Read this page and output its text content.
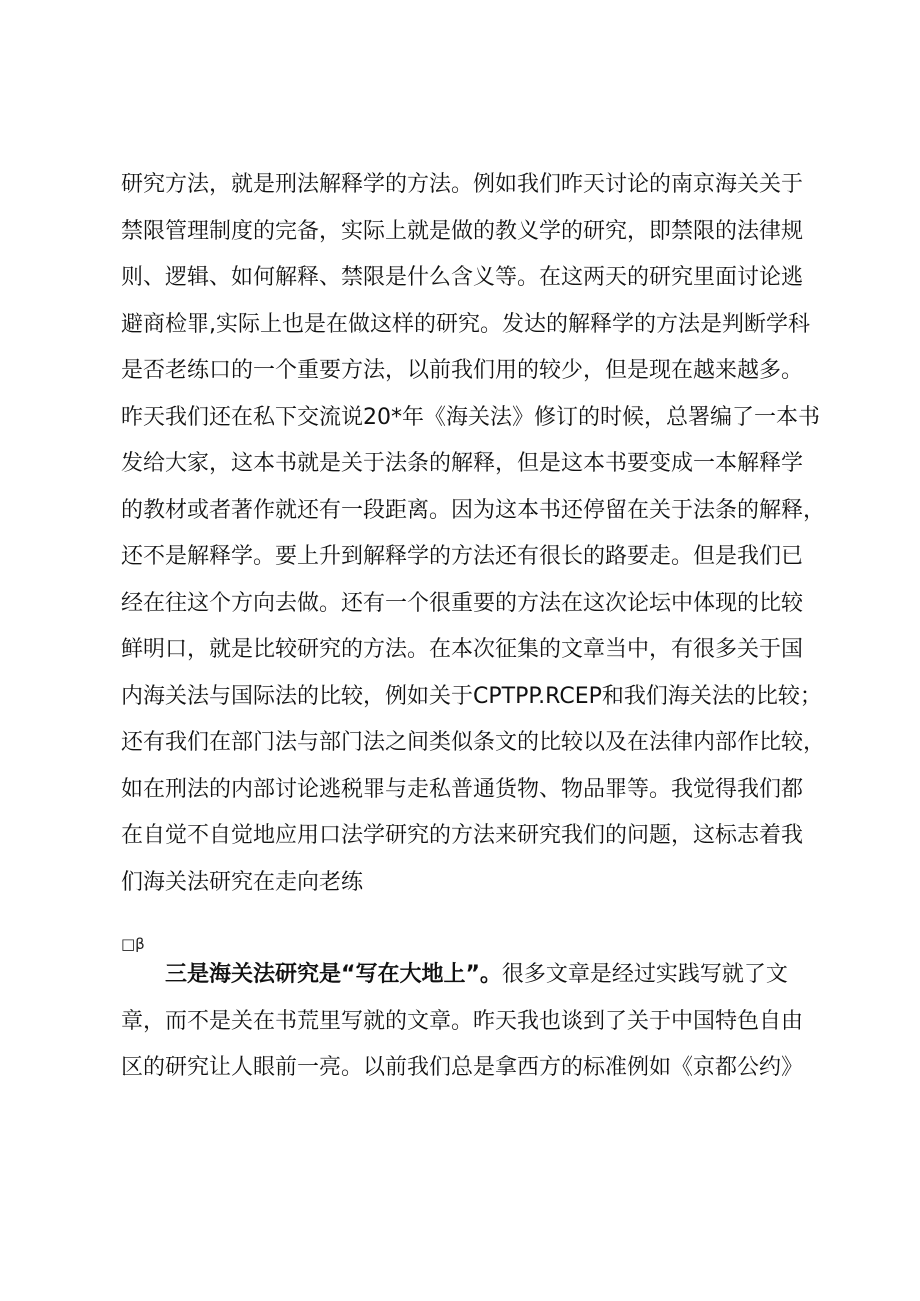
研究方法，就是刑法解释学的方法。例如我们昨天讨论的南京海关关于

禁限管理制度的完备，实际上就是做的教义学的研究，即禁限的法律规

则、逻辑、如何解释、禁限是什么含义等。在这两天的研究里面讨论逃

避商检罪,实际上也是在做这样的研究。发达的解释学的方法是判断学科

是否老练口的一个重要方法，以前我们用的较少，但是现在越来越多。

昨天我们还在私下交流说20*年《海关法》修订的时候，总署编了一本书

发给大家，这本书就是关于法条的解释，但是这本书要变成一本解释学

的教材或者著作就还有一段距离。因为这本书还停留在关于法条的解释，

还不是解释学。要上升到解释学的方法还有很长的路要走。但是我们已

经在往这个方向去做。还有一个很重要的方法在这次论坛中体现的比较

鲜明口，就是比较研究的方法。在本次征集的文章当中，有很多关于国

内海关法与国际法的比较，例如关于CPTPP.RCEP和我们海关法的比较；

还有我们在部门法与部门法之间类似条文的比较以及在法律内部作比较，

如在刑法的内部讨论逃税罪与走私普通货物、物品罪等。我觉得我们都

在自觉不自觉地应用口法学研究的方法来研究我们的问题，这标志着我

们海关法研究在走向老练

□β

三是海关法研究是“写在大地上”。很多文章是经过实践写就了文

章，而不是关在书荒里写就的文章。昨天我也谈到了关于中国特色自由

区的研究让人眼前一亮。以前我们总是拿西方的标准例如《京都公约》
